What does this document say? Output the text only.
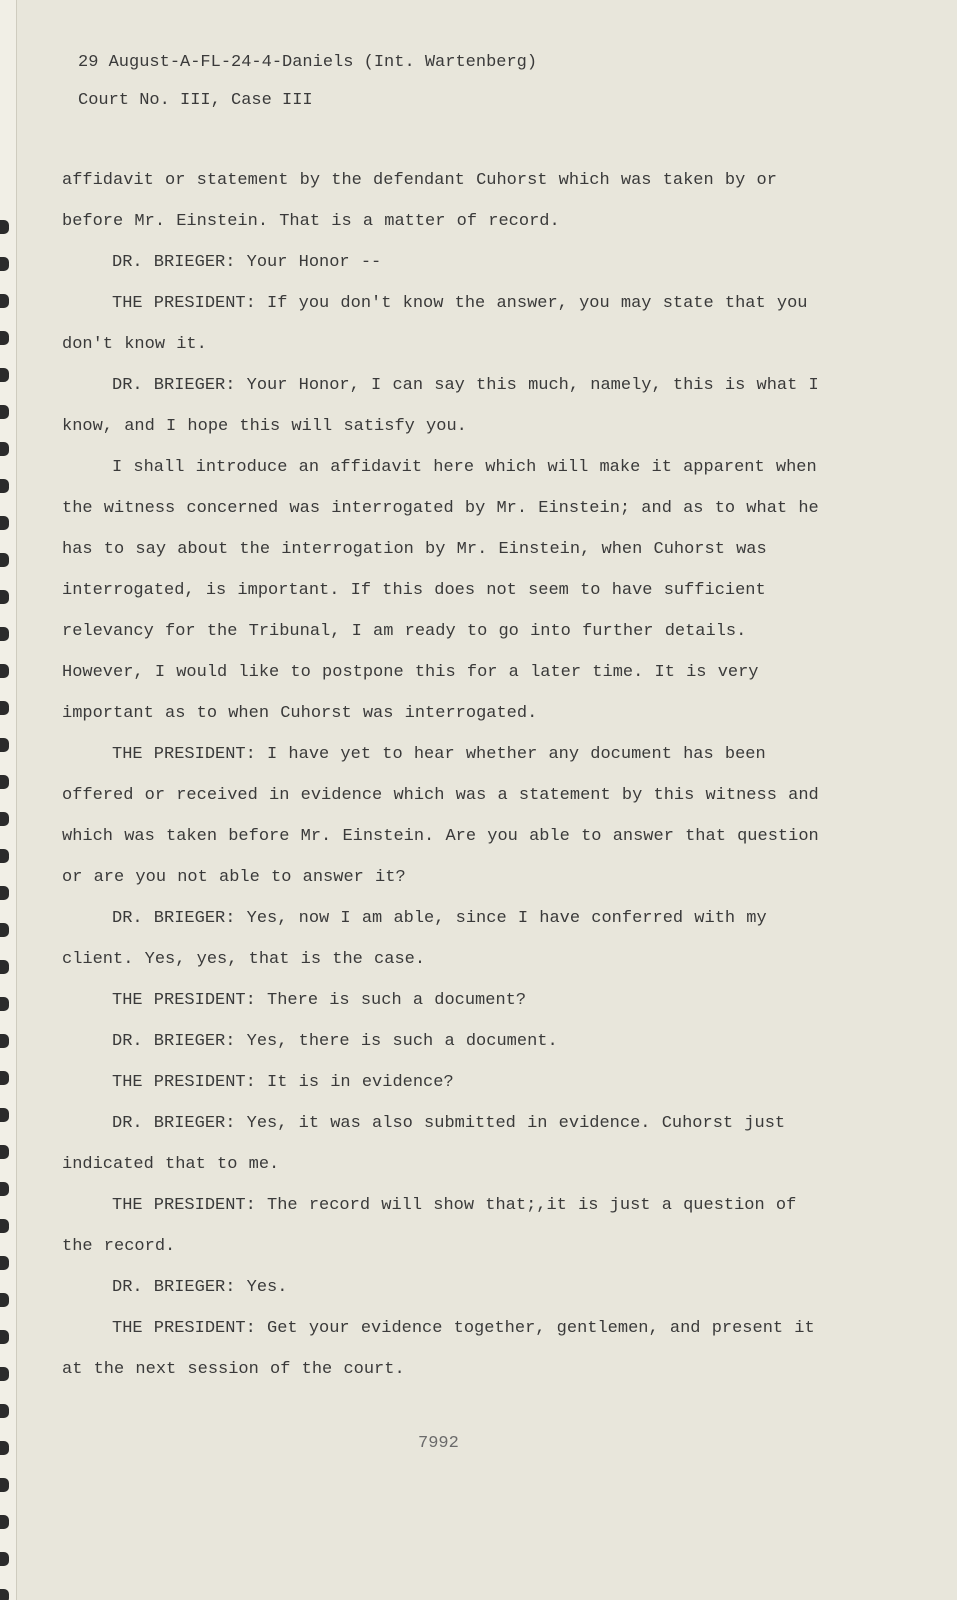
29 August-A-FL-24-4-Daniels (Int. Wartenberg)
Court No. III, Case III

affidavit or statement by the defendant Cuhorst which was taken by or before Mr. Einstein. That is a matter of record.

DR. BRIEGER: Your Honor --

THE PRESIDENT: If you don't know the answer, you may state that you don't know it.

DR. BRIEGER: Your Honor, I can say this much, namely, this is what I know, and I hope this will satisfy you.

I shall introduce an affidavit here which will make it apparent when the witness concerned was interrogated by Mr. Einstein; and as to what he has to say about the interrogation by Mr. Einstein, when Cuhorst was interrogated, is important. If this does not seem to have sufficient relevancy for the Tribunal, I am ready to go into further details. However, I would like to postpone this for a later time. It is very important as to when Cuhorst was interrogated.

THE PRESIDENT: I have yet to hear whether any document has been offered or received in evidence which was a statement by this witness and which was taken before Mr. Einstein. Are you able to answer that question or are you not able to answer it?

DR. BRIEGER: Yes, now I am able, since I have conferred with my client. Yes, yes, that is the case.

THE PRESIDENT: There is such a document?

DR. BRIEGER: Yes, there is such a document.

THE PRESIDENT: It is in evidence?

DR. BRIEGER: Yes, it was also submitted in evidence. Cuhorst just indicated that to me.

THE PRESIDENT: The record will show that;,it is just a question of the record.

DR. BRIEGER: Yes.

THE PRESIDENT: Get your evidence together, gentlemen, and present it at the next session of the court.

7992
